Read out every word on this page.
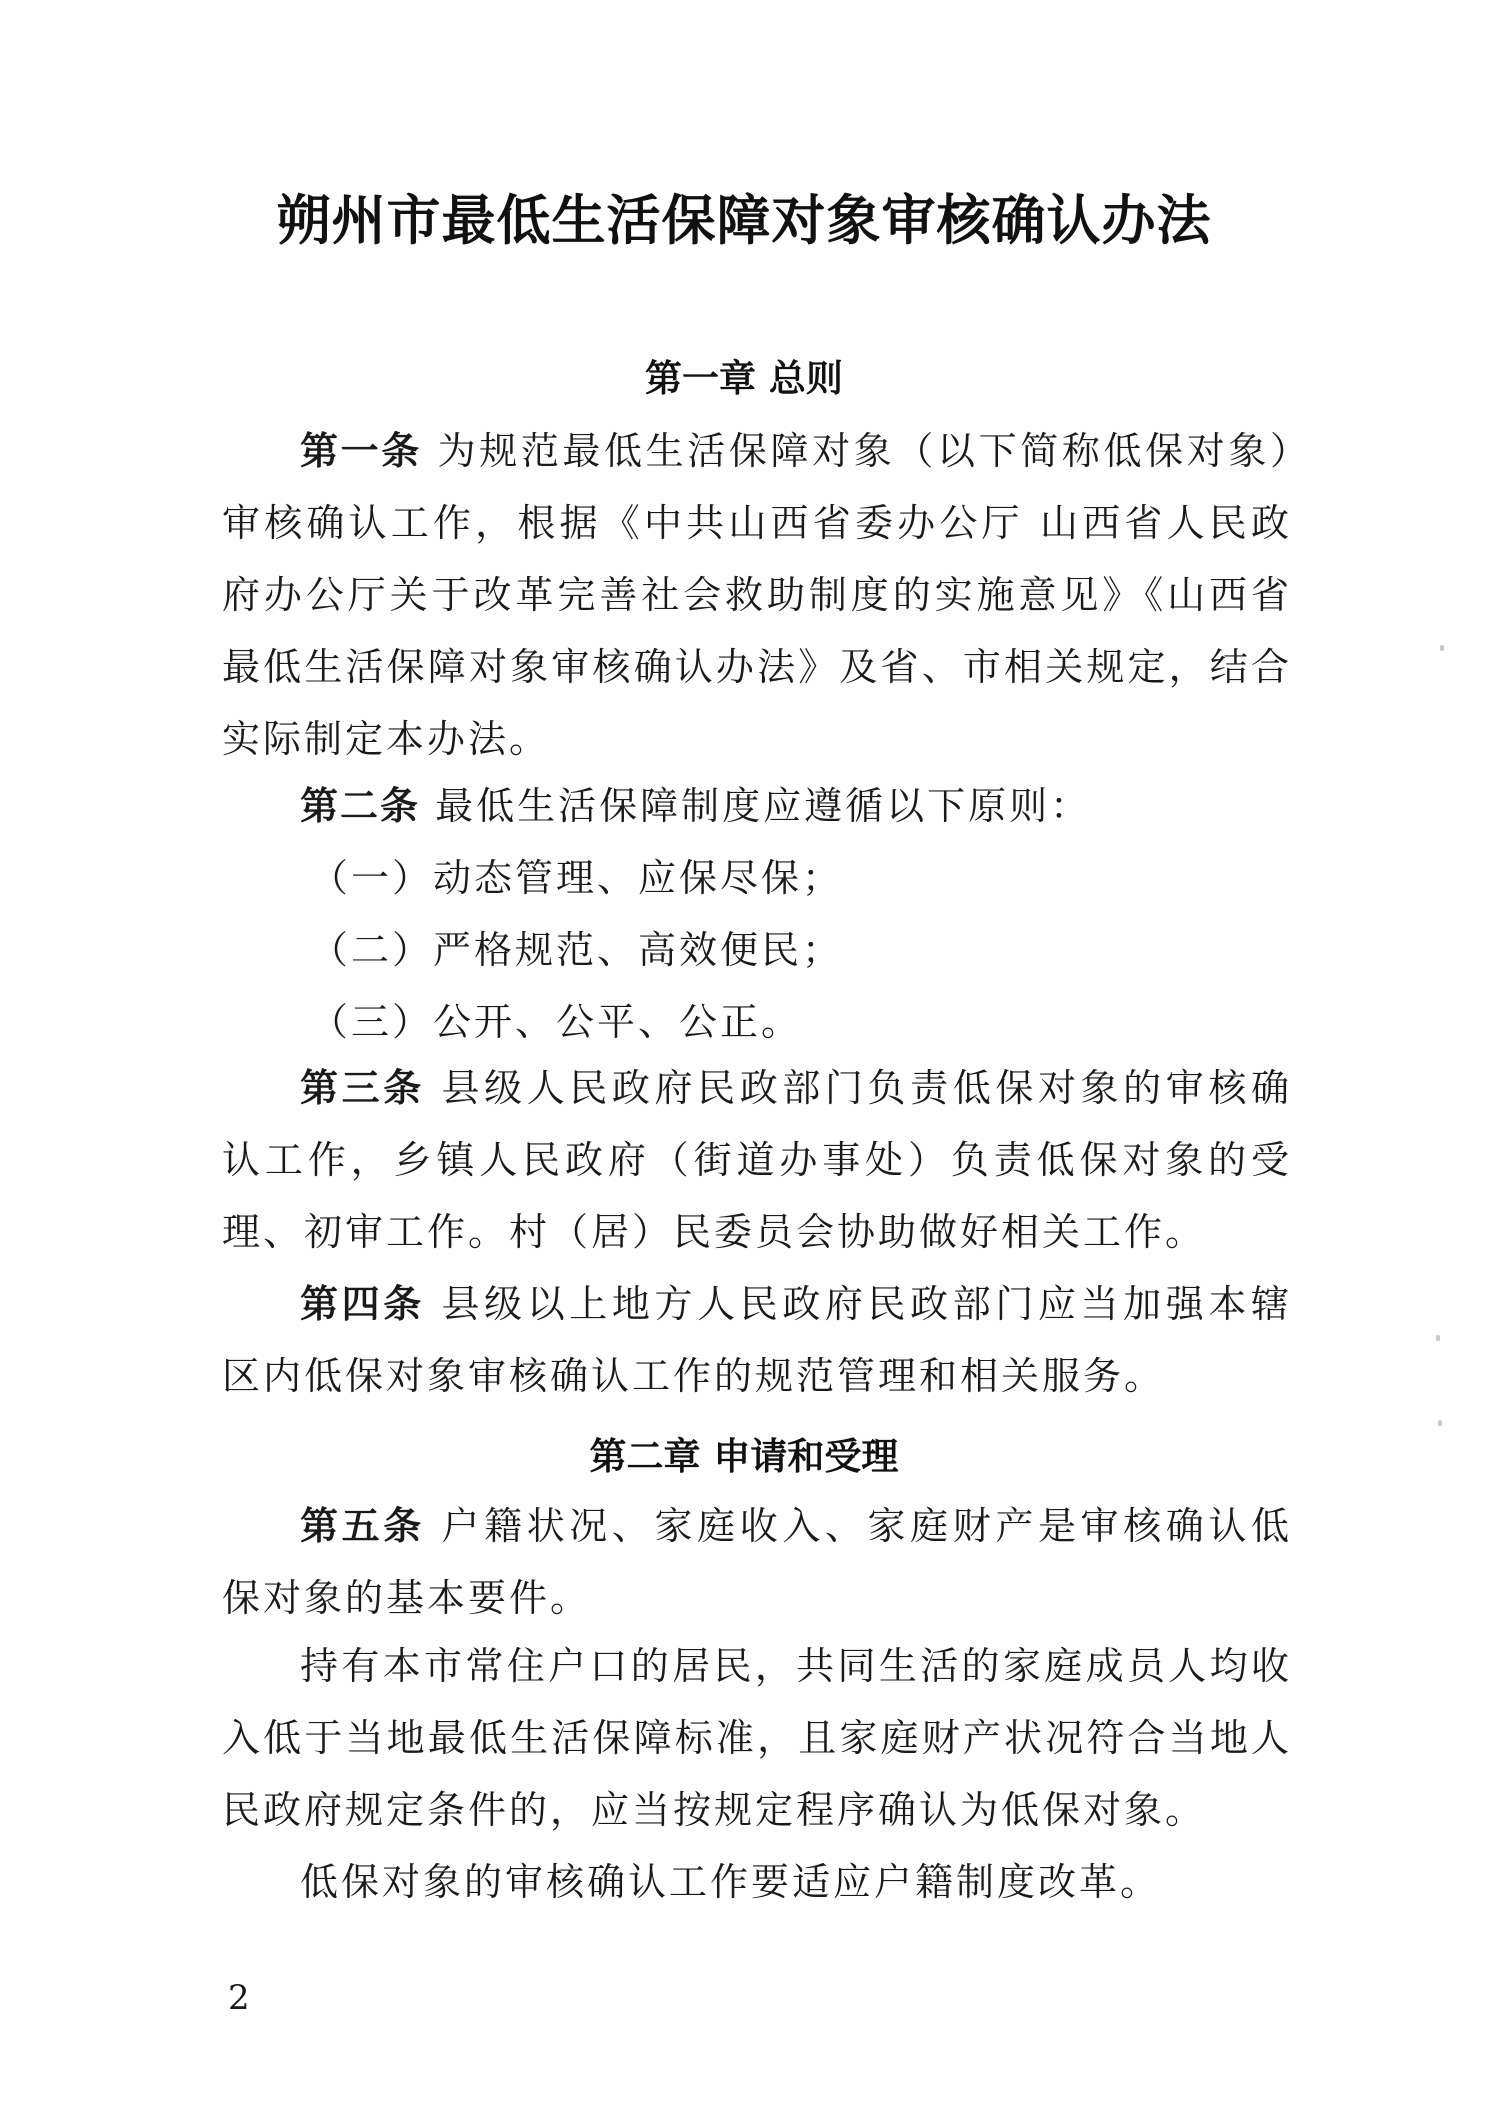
朔州市最低生活保障对象审核确认办法
第一章 总则

第一条 为规范最低生活保障对象（以下简称低保对象）审核确认工作，根据《中共山西省委办公厅 山西省人民政府办公厅关于改革完善社会救助制度的实施意见》《山西省最低生活保障对象审核确认办法》及省、市相关规定，结合实际制定本办法。

第二条 最低生活保障制度应遵循以下原则：

（一）动态管理、应保尽保；
（二）严格规范、高效便民；
（三）公开、公平、公正。

第三条 县级人民政府民政部门负责低保对象的审核确认工作，乡镇人民政府（街道办事处）负责低保对象的受理、初审工作。村（居）民委员会协助做好相关工作。

第四条 县级以上地方人民政府民政部门应当加强本辖区内低保对象审核确认工作的规范管理和相关服务。

第二章 申请和受理

第五条 户籍状况、家庭收入、家庭财产是审核确认低保对象的基本要件。

持有本市常住户口的居民，共同生活的家庭成员人均收入低于当地最低生活保障标准，且家庭财产状况符合当地人民政府规定条件的，应当按规定程序确认为低保对象。

低保对象的审核确认工作要适应户籍制度改革。

2
